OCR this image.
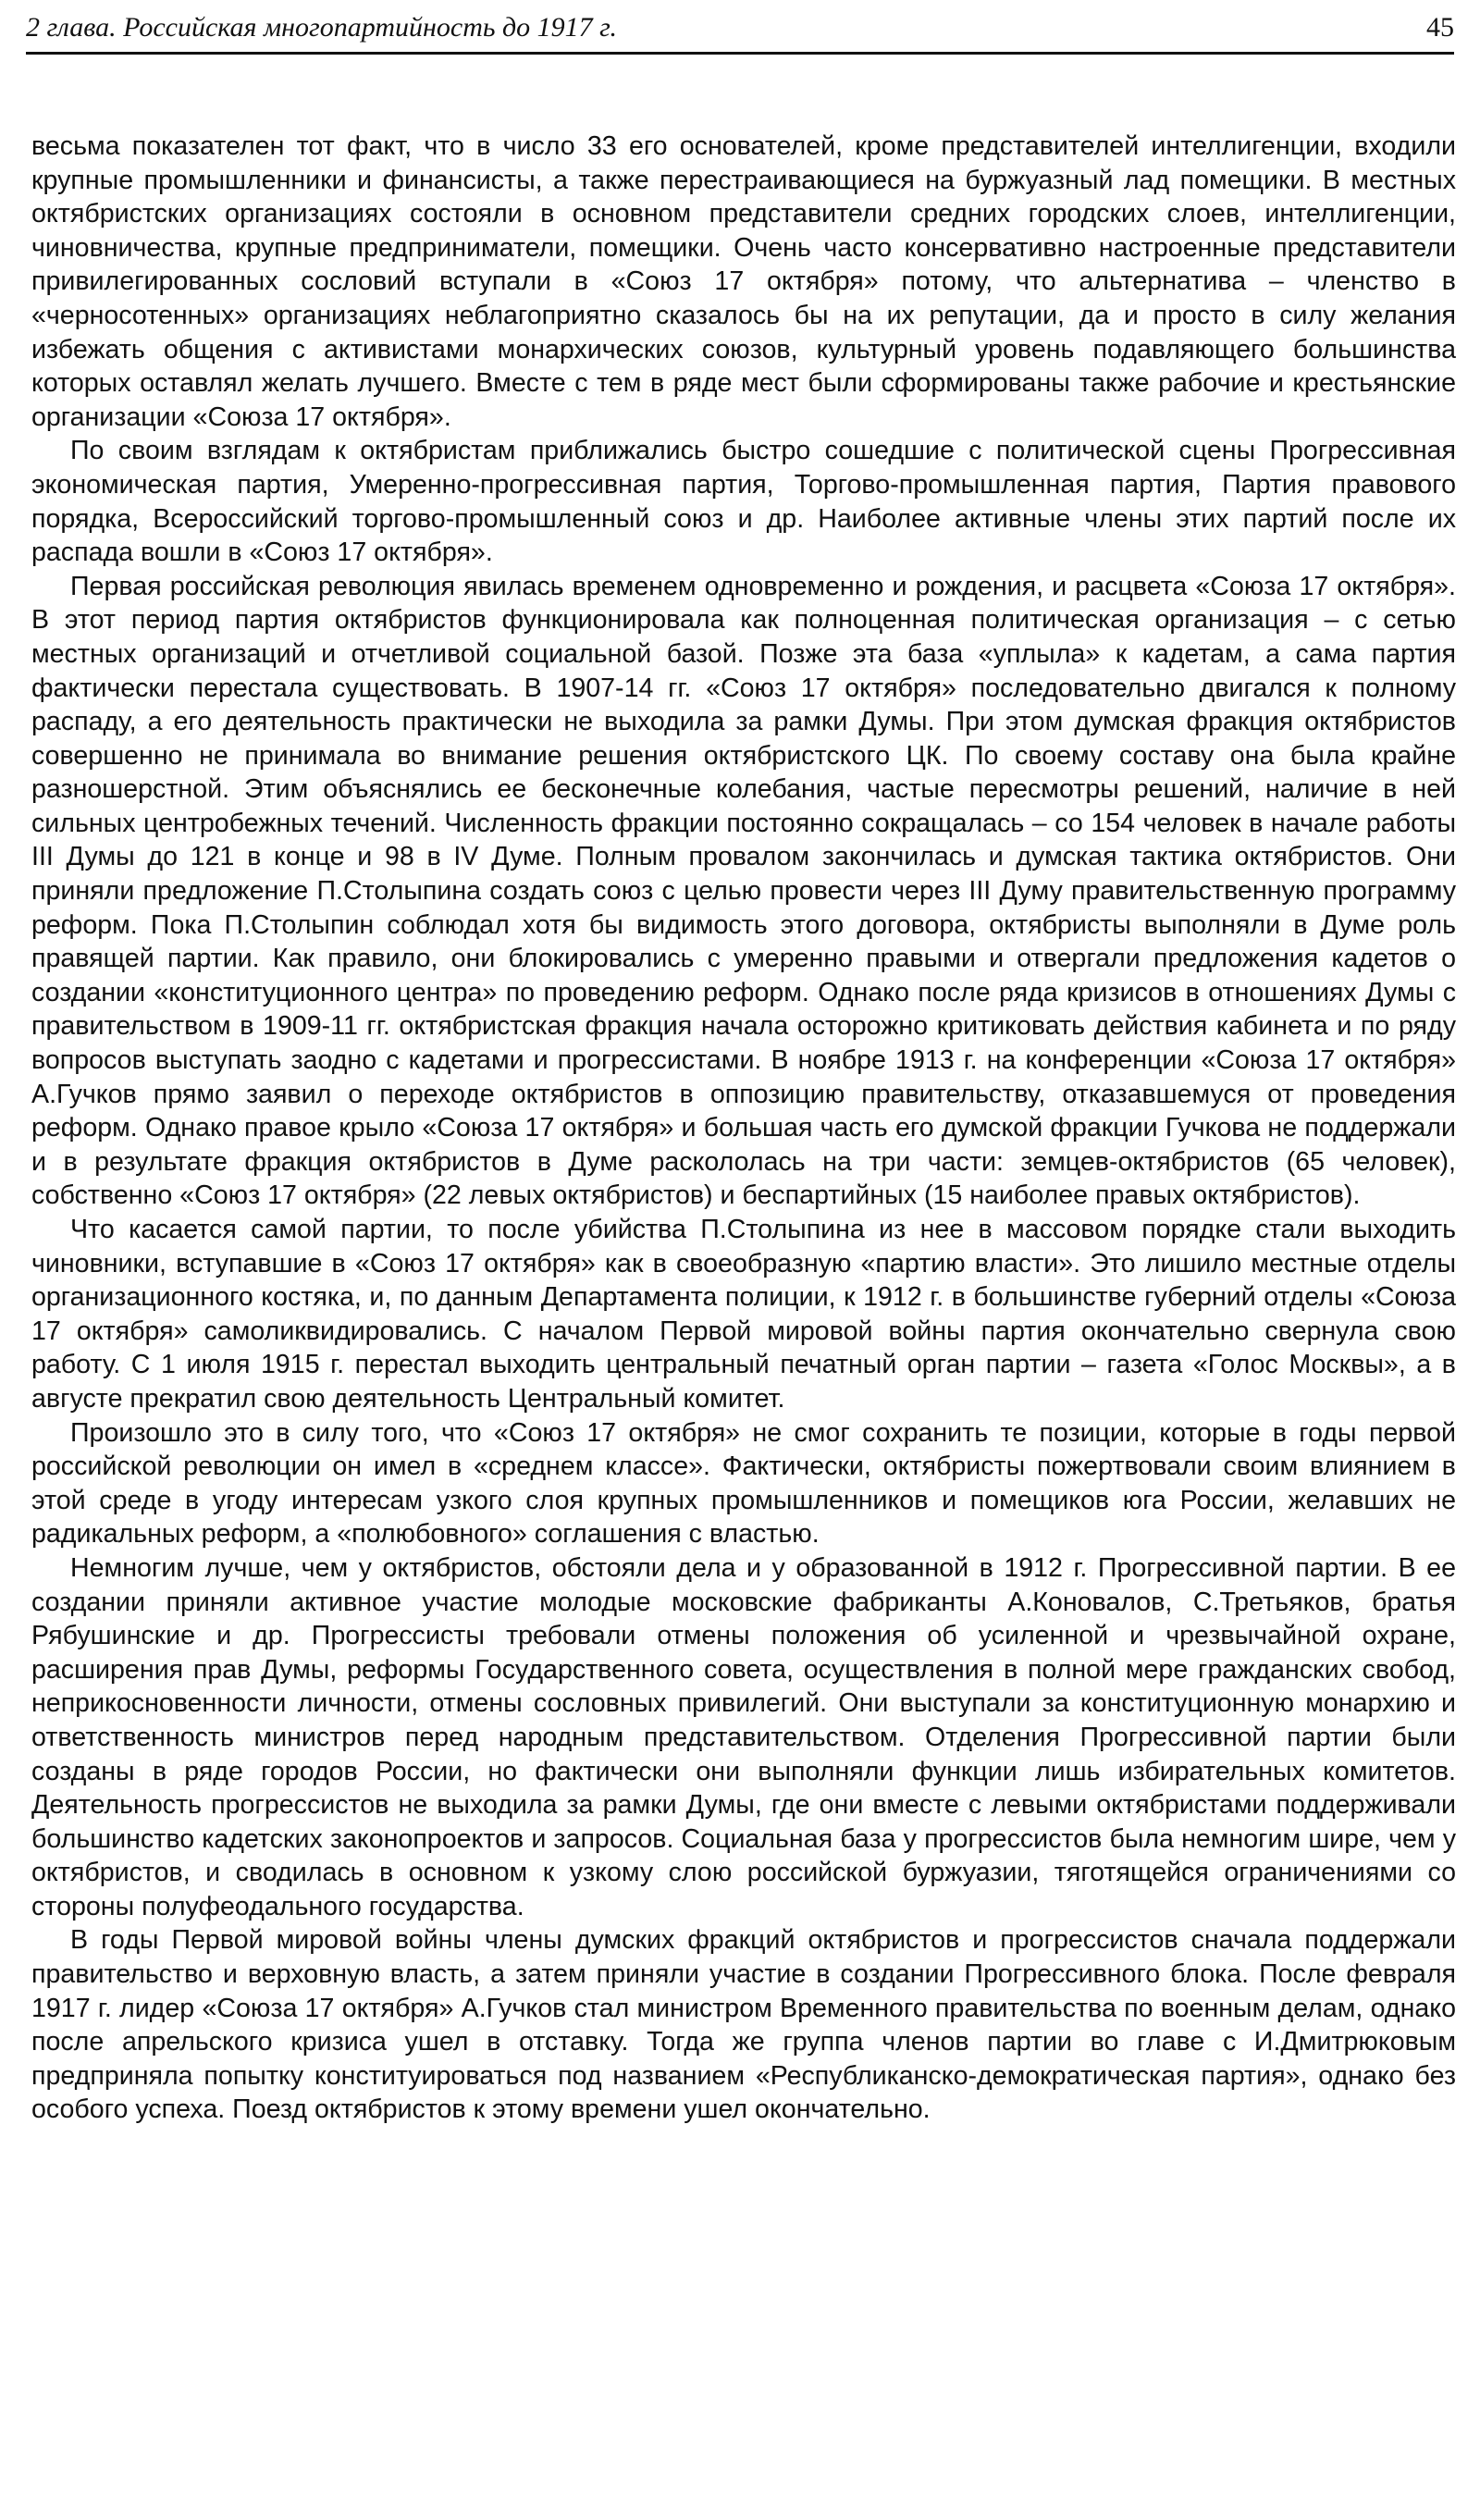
2 глава. Российская многопартийность до 1917 г.	45

весьма показателен тот факт, что в число 33 его основателей, кроме представителей интеллигенции, входили крупные промышленники и финансисты, а также перестраивающиеся на буржуазный лад помещики. В местных октябристских организациях состояли в основном представители средних городских слоев, интеллигенции, чиновничества, крупные предприниматели, помещики. Очень часто консервативно настроенные представители привилегированных сословий вступали в «Союз 17 октября» потому, что альтернатива – членство в «черносотенных» организациях неблагоприятно сказалось бы на их репутации, да и просто в силу желания избежать общения с активистами монархических союзов, культурный уровень подавляющего большинства которых оставлял желать лучшего. Вместе с тем в ряде мест были сформированы также рабочие и крестьянские организации «Союза 17 октября».

По своим взглядам к октябристам приближались быстро сошедшие с политической сцены Прогрессивная экономическая партия, Умеренно-прогрессивная партия, Торгово-промышленная партия, Партия правового порядка, Всероссийский торгово-промышленный союз и др. Наиболее активные члены этих партий после их распада вошли в «Союз 17 октября».

Первая российская революция явилась временем одновременно и рождения, и расцвета «Союза 17 октября». В этот период партия октябристов функционировала как полноценная политическая организация – с сетью местных организаций и отчетливой социальной базой. Позже эта база «уплыла» к кадетам, а сама партия фактически перестала существовать. В 1907-14 гг. «Союз 17 октября» последовательно двигался к полному распаду, а его деятельность практически не выходила за рамки Думы. При этом думская фракция октябристов совершенно не принимала во внимание решения октябристского ЦК. По своему составу она была крайне разношерстной. Этим объяснялись ее бесконечные колебания, частые пересмотры решений, наличие в ней сильных центробежных течений. Численность фракции постоянно сокращалась – со 154 человек в начале работы III Думы до 121 в конце и 98 в IV Думе. Полным провалом закончилась и думская тактика октябристов. Они приняли предложение П.Столыпина создать союз с целью провести через III Думу правительственную программу реформ. Пока П.Столыпин соблюдал хотя бы видимость этого договора, октябристы выполняли в Думе роль правящей партии. Как правило, они блокировались с умеренно правыми и отвергали предложения кадетов о создании «конституционного центра» по проведению реформ. Однако после ряда кризисов в отношениях Думы с правительством в 1909-11 гг. октябристская фракция начала осторожно критиковать действия кабинета и по ряду вопросов выступать заодно с кадетами и прогрессистами. В ноябре 1913 г. на конференции «Союза 17 октября» А.Гучков прямо заявил о переходе октябристов в оппозицию правительству, отказавшемуся от проведения реформ. Однако правое крыло «Союза 17 октября» и большая часть его думской фракции Гучкова не поддержали и в результате фракция октябристов в Думе раскололась на три части: земцев-октябристов (65 человек), собственно «Союз 17 октября» (22 левых октябристов) и беспартийных (15 наиболее правых октябристов).

Что касается самой партии, то после убийства П.Столыпина из нее в массовом порядке стали выходить чиновники, вступавшие в «Союз 17 октября» как в своеобразную «партию власти». Это лишило местные отделы организационного костяка, и, по данным Департамента полиции, к 1912 г. в большинстве губерний отделы «Союза 17 октября» самоликвидировались. С началом Первой мировой войны партия окончательно свернула свою работу. С 1 июля 1915 г. перестал выходить центральный печатный орган партии – газета «Голос Москвы», а в августе прекратил свою деятельность Центральный комитет.

Произошло это в силу того, что «Союз 17 октября» не смог сохранить те позиции, которые в годы первой российской революции он имел в «среднем классе». Фактически, октябристы пожертвовали своим влиянием в этой среде в угоду интересам узкого слоя крупных промышленников и помещиков юга России, желавших не радикальных реформ, а «полюбовного» соглашения с властью.

Немногим лучше, чем у октябристов, обстояли дела и у образованной в 1912 г. Прогрессивной партии. В ее создании приняли активное участие молодые московские фабриканты А.Коновалов, С.Третьяков, братья Рябушинские и др. Прогрессисты требовали отмены положения об усиленной и чрезвычайной охране, расширения прав Думы, реформы Государственного совета, осуществления в полной мере гражданских свобод, неприкосновенности личности, отмены сословных привилегий. Они выступали за конституционную монархию и ответственность министров перед народным представительством. Отделения Прогрессивной партии были созданы в ряде городов России, но фактически они выполняли функции лишь избирательных комитетов. Деятельность прогрессистов не выходила за рамки Думы, где они вместе с левыми октябристами поддерживали большинство кадетских законопроектов и запросов. Социальная база у прогрессистов была немногим шире, чем у октябристов, и сводилась в основном к узкому слою российской буржуазии, тяготящейся ограничениями со стороны полуфеодального государства.

В годы Первой мировой войны члены думских фракций октябристов и прогрессистов сначала поддержали правительство и верховную власть, а затем приняли участие в создании Прогрессивного блока. После февраля 1917 г. лидер «Союза 17 октября» А.Гучков стал министром Временного правительства по военным делам, однако после апрельского кризиса ушел в отставку. Тогда же группа членов партии во главе с И.Дмитрюковым предприняла попытку конституироваться под названием «Республиканско-демократическая партия», однако без особого успеха. Поезд октябристов к этому времени ушел окончательно.
